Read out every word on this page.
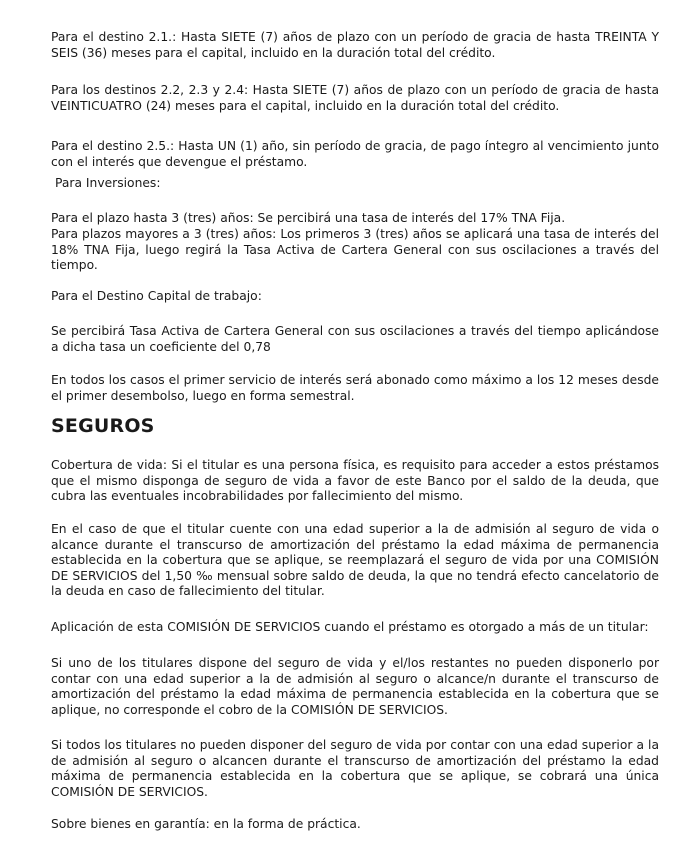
Para el destino 2.1.: Hasta SIETE (7) años de plazo con un período de gracia de hasta TREINTA Y SEIS (36) meses para el capital, incluido en la duración total del crédito.

Para los destinos 2.2, 2.3 y 2.4: Hasta SIETE (7) años de plazo con un período de gracia de hasta VEINTICUATRO (24) meses para el capital, incluido en la duración total del crédito.

Para el destino 2.5.: Hasta UN (1) año, sin período de gracia, de pago íntegro al vencimiento junto con el interés que devengue el préstamo.

Para Inversiones:

Para el plazo hasta 3 (tres) años: Se percibirá una tasa de interés del 17% TNA Fija.

Para plazos mayores a 3 (tres) años: Los primeros 3 (tres) años se aplicará una tasa de interés del 18% TNA Fija, luego regirá la Tasa Activa de Cartera General con sus oscilaciones a través del tiempo.

Para el Destino Capital de trabajo:

Se percibirá Tasa Activa de Cartera General con sus oscilaciones a través del tiempo aplicándose a dicha tasa un coeficiente del 0,78

En todos los casos el primer servicio de interés será abonado como máximo a los 12 meses desde el primer desembolso, luego en forma semestral.

SEGUROS

Cobertura de vida: Si el titular es una persona física, es requisito para acceder a estos préstamos que el mismo disponga de seguro de vida a favor de este Banco por el saldo de la deuda, que cubra las eventuales incobrabilidades por fallecimiento del mismo.

En el caso de que el titular cuente con una edad superior a la de admisión al seguro de vida o alcance durante el transcurso de amortización del préstamo la edad máxima de permanencia establecida en la cobertura que se aplique, se reemplazará el seguro de vida por una COMISIÓN DE SERVICIOS del 1,50 ‰ mensual sobre saldo de deuda, la que no tendrá efecto cancelatorio de la deuda en caso de fallecimiento del titular.

Aplicación de esta COMISIÓN DE SERVICIOS cuando el préstamo es otorgado a más de un titular:

Si uno de los titulares dispone del seguro de vida y el/los restantes no pueden disponerlo por contar con una edad superior a la de admisión al seguro o alcance/n durante el transcurso de amortización del préstamo la edad máxima de permanencia establecida en la cobertura que se aplique, no corresponde el cobro de la COMISIÓN DE SERVICIOS.

Si todos los titulares no pueden disponer del seguro de vida por contar con una edad superior a la de admisión al seguro o alcancen durante el transcurso de amortización del préstamo la edad máxima de permanencia establecida en la cobertura que se aplique, se cobrará una única COMISIÓN DE SERVICIOS.

Sobre bienes en garantía: en la forma de práctica.
